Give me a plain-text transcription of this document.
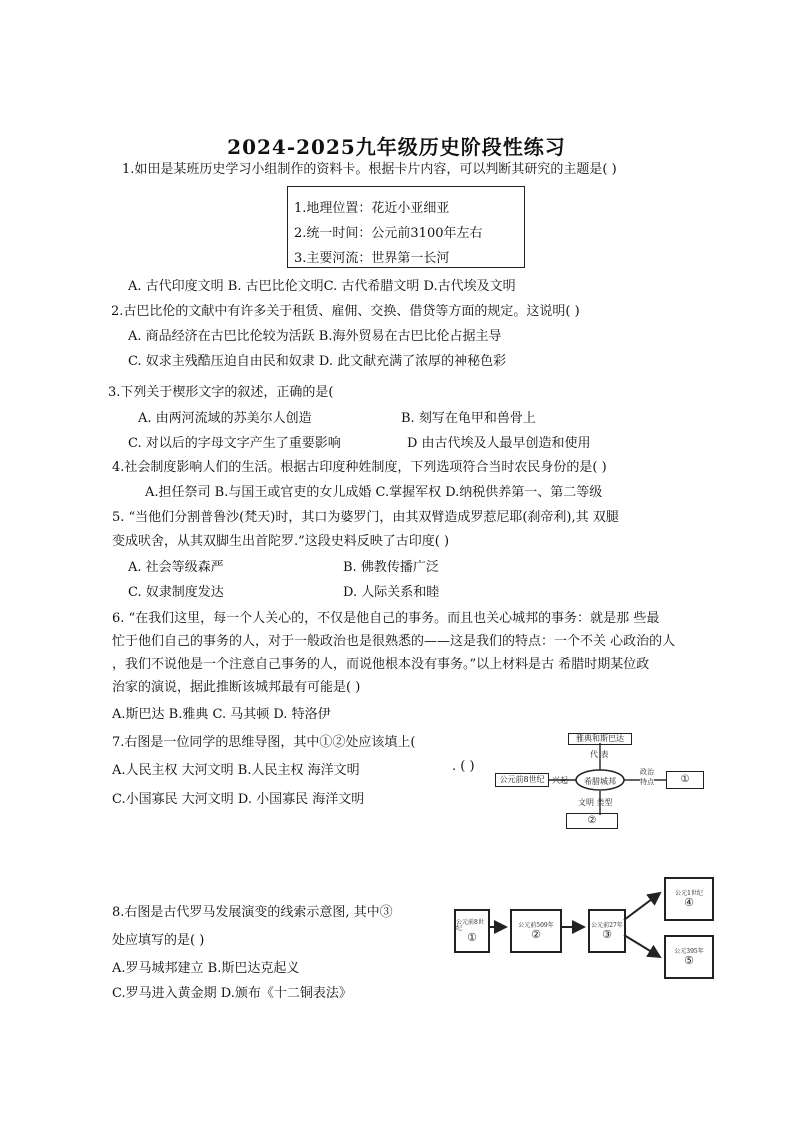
2024-2025九年级历史阶段性练习
1.如田是某班历史学习小组制作的资料卡。根据卡片内容，可以判断其研究的主题是( )
1.地理位置：花近小亚细亚
2.统一时间：公元前3100年左右
3.主要河流：世界第一长河
A. 古代印度文明 B. 古巴比伦文明C. 古代希腊文明 D.古代埃及文明
2.古巴比伦的文献中有许多关于租赁、雇佣、交换、借贷等方面的规定。这说明( )
A. 商品经济在古巴比伦较为活跃 B.海外贸易在古巴比伦占据主导
C. 奴求主残酷压迫自由民和奴隶 D. 此文献充满了浓厚的神秘色彩
3.下列关于楔形文字的叙述，正确的是(
A. 由两河流域的苏美尔人创造	B. 刻写在龟甲和兽骨上
C. 对以后的字母文字产生了重要影响	D 由古代埃及人最早创造和使用
4.社会制度影响人们的生活。根据古印度种姓制度，下列选项符合当时农民身份的是( )
A.担任祭司 B.与国王或官吏的女儿成婚 C.掌握军权 D.纳税供养第一、第二等级
5. “当他们分割普鲁沙(梵天)时，其口为婆罗门，由其双臂造成罗惹尼耶(刹帝利),其 双腿
变成吠舍，从其双脚生出首陀罗.”这段史料反映了古印度( )
A. 社会等级森严	B. 佛教传播广泛
C. 奴隶制度发达	D. 人际关系和睦
6. “在我们这里，每一个人关心的，不仅是他自己的事务。而且也关心城邦的事务：就是那 些最
忙于他们自己的事务的人，对于一般政治也是很熟悉的——这是我们的特点：一个不关 心政治的人
，我们不说他是一个注意自己事务的人，而说他根本没有事务。”以上材料是古 希腊时期某位政
治家的演说，据此推断该城邦最有可能是( )
A.斯巴达 B.雅典 C. 马其顿 D. 特洛伊
7.右图是一位同学的思维导图，其中①②处应该填上(
A.人民主权 大河文明 B.人民主权 海洋文明
C.小国寡民 大河文明 D. 小国寡民 海洋文明
. ( )
雅典和斯巴达
代 表
希腊城邦
公元前8世纪 兴起
政治 特点	①
文明 类型
②
8.右图是古代罗马发展演变的线索示意图, 其中③
处应填写的是( )
A.罗马城邦建立 B.斯巴达克起义
C.罗马进入黄金期 D.颁布《十二铜表法》
公元前8世纪
①
公元前509年
②
公元前27年
③
公元1世纪
④
公元395年
⑤
